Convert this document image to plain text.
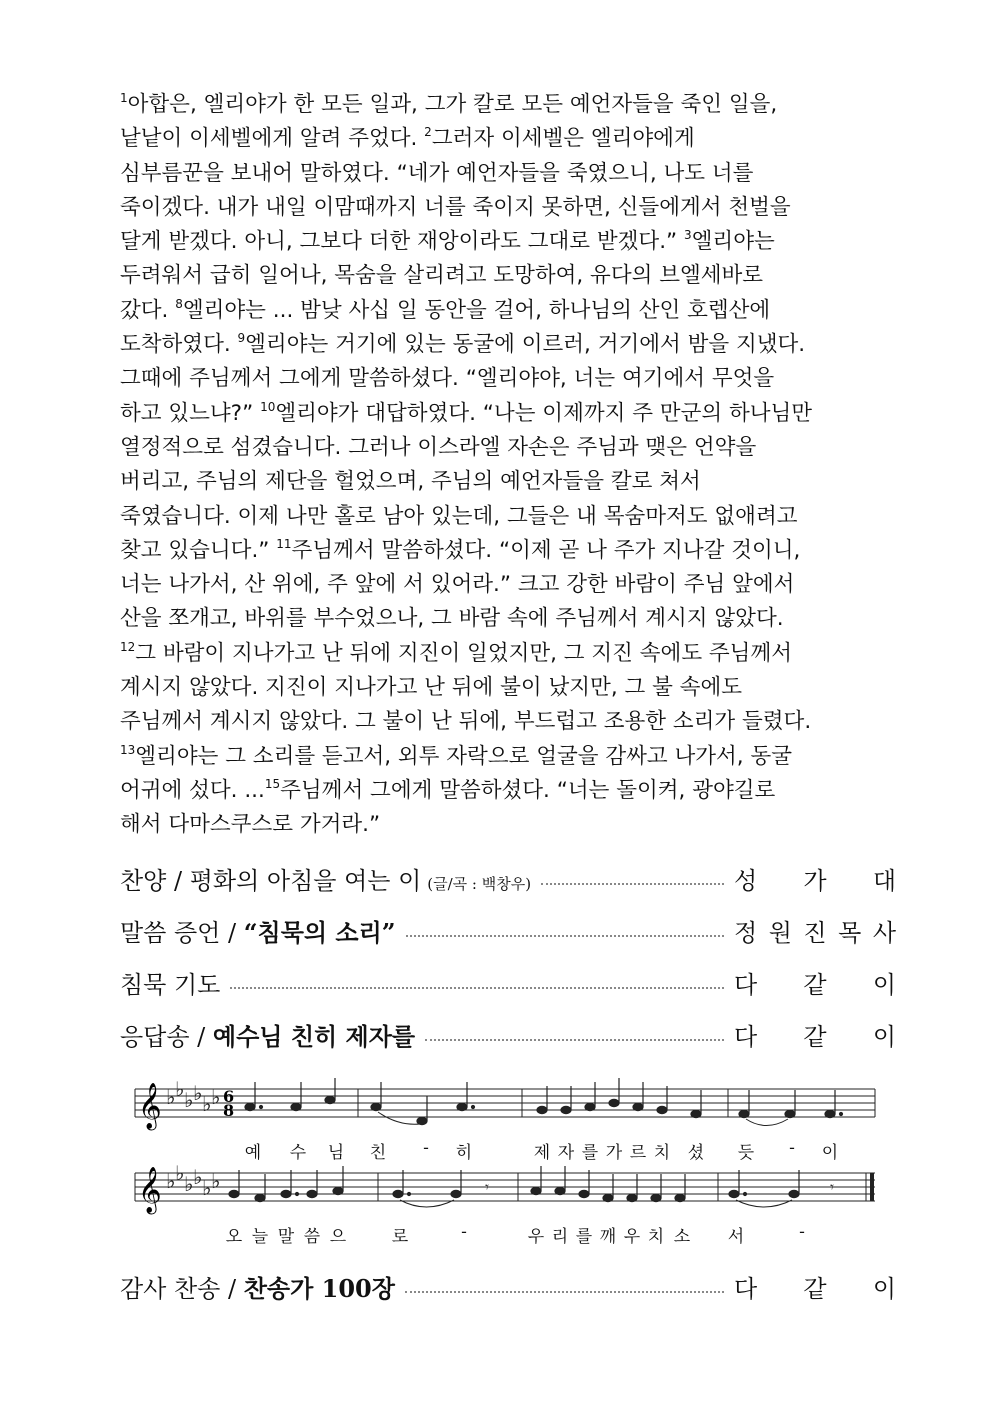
$^1$아합은, 엘리야가 한 모든 일과, 그가 칼로 모든 예언자들을 죽인 일을,
낱낱이 이세벨에게 알려 주었다. $^2$그러자 이세벨은 엘리야에게
심부름꾼을 보내어 말하였다. “네가 예언자들을 죽였으니, 나도 너를
죽이겠다. 내가 내일 이맘때까지 너를 죽이지 못하면, 신들에게서 천벌을
달게 받겠다. 아니, 그보다 더한 재앙이라도 그대로 받겠다.” $^3$엘리야는
두려워서 급히 일어나, 목숨을 살리려고 도망하여, 유다의 브엘세바로
갔다. $^8$엘리야는 ... 밤낮 사십 일 동안을 걸어, 하나님의 산인 호렙산에
도착하였다. $^9$엘리야는 거기에 있는 동굴에 이르러, 거기에서 밤을 지냈다.
그때에 주님께서 그에게 말씀하셨다. “엘리야야, 너는 여기에서 무엇을
하고 있느냐?” $^{10}$엘리야가 대답하였다. “나는 이제까지 주 만군의 하나님만
열정적으로 섬겼습니다. 그러나 이스라엘 자손은 주님과 맺은 언약을
버리고, 주님의 제단을 헐었으며, 주님의 예언자들을 칼로 쳐서
죽였습니다. 이제 나만 홀로 남아 있는데, 그들은 내 목숨마저도 없애려고
찾고 있습니다.” $^{11}$주님께서 말씀하셨다. “이제 곧 나 주가 지나갈 것이니,
너는 나가서, 산 위에, 주 앞에 서 있어라.” 크고 강한 바람이 주님 앞에서
산을 쪼개고, 바위를 부수었으나, 그 바람 속에 주님께서 계시지 않았다.
$^{12}$그 바람이 지나가고 난 뒤에 지진이 일었지만, 그 지진 속에도 주님께서
계시지 않았다. 지진이 지나가고 난 뒤에 불이 났지만, 그 불 속에도
주님께서 계시지 않았다. 그 불이 난 뒤에, 부드럽고 조용한 소리가 들렸다.
$^{13}$엘리야는 그 소리를 듣고서, 외투 자락으로 얼굴을 감싸고 나가서, 동굴
어귀에 섰다. ...$^{15}$주님께서 그에게 말씀하셨다. “너는 돌이켜, 광야길로
해서 다마스쿠스로 가거라.”
찬양 / 평화의 아침을 여는 이 (글/곡 : 백창우)	성 가 대
말씀 증언 / “침묵의 소리”	정 원 진 목 사
침묵 기도	다 같 이
응답송 / 예수님 친히 제자를	다 같 이
𝄞 ♭ ♭ ♭ ♭ ♭ ♭ 6
8
예 수 님 친 - 히	제 자 를 가 르 치 셨 듯 - 이
𝄞 ♭ ♭ ♭ ♭ ♭ ♭	𝄾	𝄾
오 늘 말 씀 으	로	-	우 리 를 깨 우 치 소 서	-
감사 찬송 / 찬송가 100장	다 같 이
